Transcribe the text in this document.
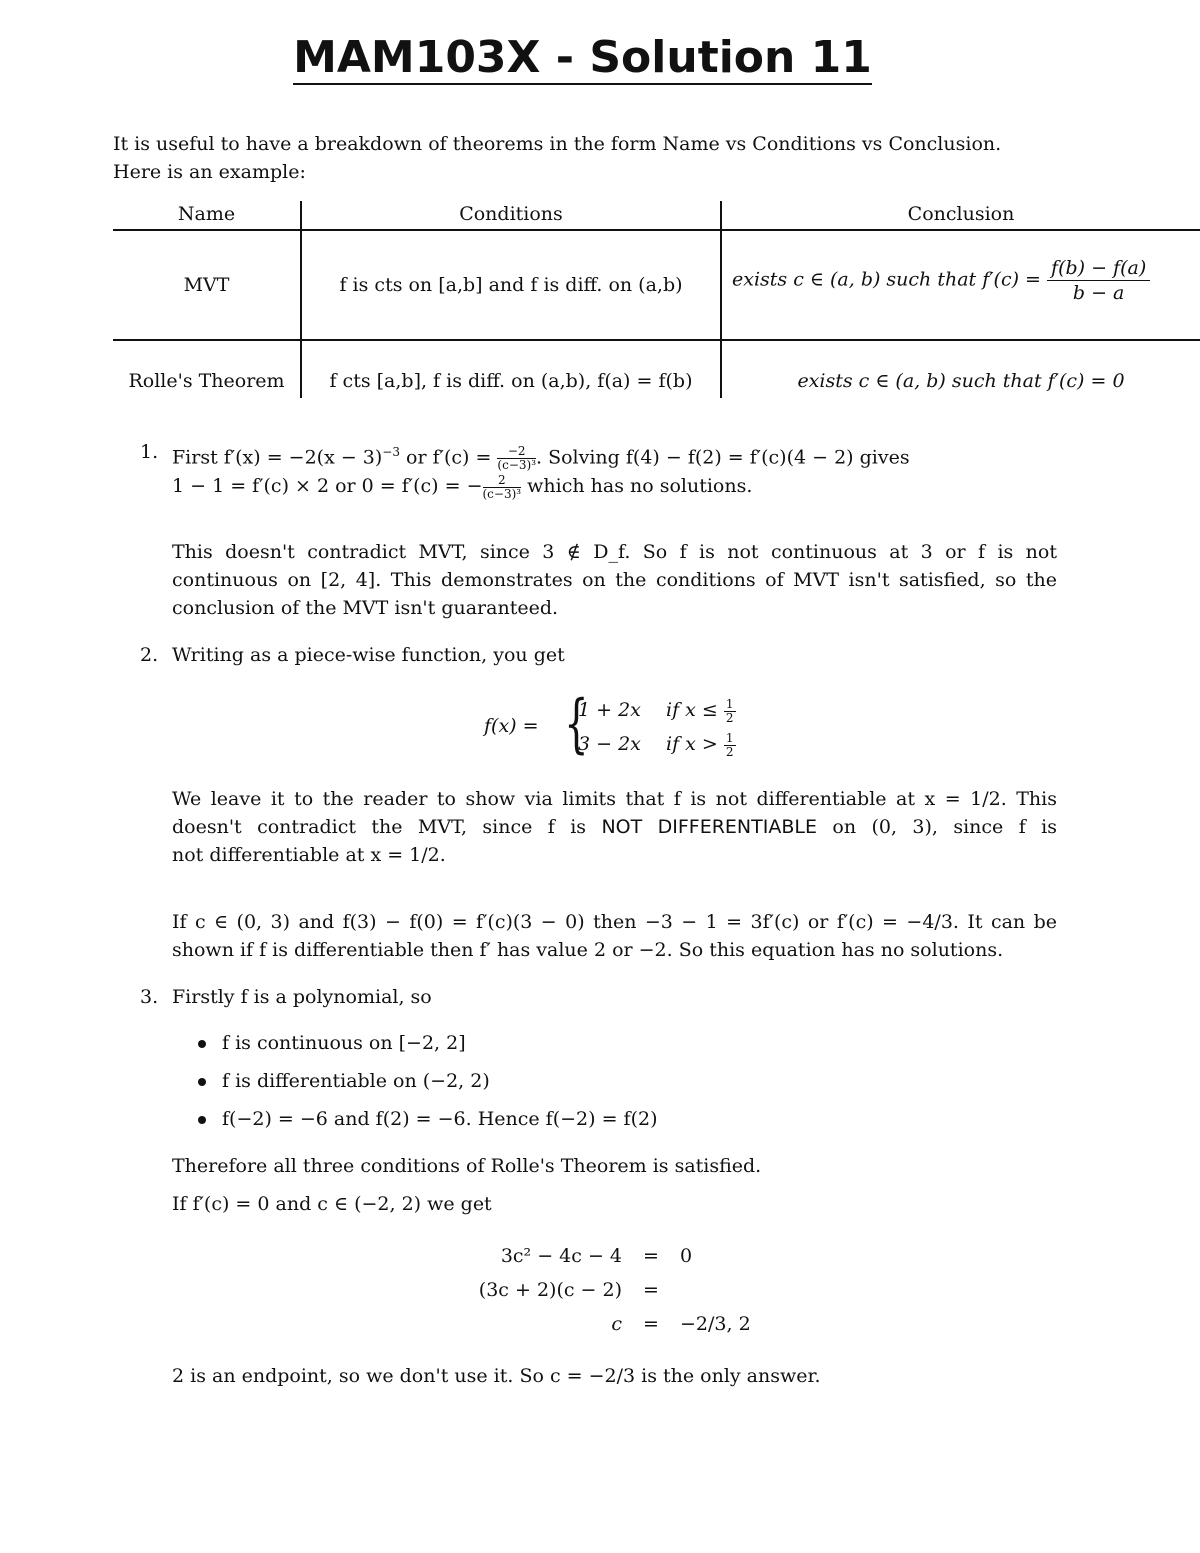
MAM103X - Solution 11
It is useful to have a breakdown of theorems in the form Name vs Conditions vs Conclusion.
Here is an example:
Name	Conditions	Conclusion
MVT	f is cts on [a,b] and f is diff. on (a,b)	exists c ∈ (a, b) such that $f'(c) = \frac{f(b) - f(a)}{b - a}$
Rolle's Theorem	f cts [a,b], f is diff. on (a,b), f(a) = f(b)	exists c ∈ (a, b) such that f′(c) = 0
1. First $f'(x) = -2(x - 3)^{-3}$ or $f'(c) = \frac{-2}{\text{(c−3)³}}$ . Solving f(4) − f(2) = f′(c)(4 − 2) gives
1 − 1 = f′(c) × 2 or 0 = f′(c) = − $\frac{2}{\text{(c−3)³}}$ which has no solutions.
This doesn't contradict MVT, since 3 ∉ D_f. So f is not continuous at 3 or f is not
continuous on [2, 4]. This demonstrates on the conditions of MVT isn't satisfied, so the
conclusion of the MVT isn't guaranteed.
2. Writing as a piece-wise function, you get
f(x) = {
1 + 2x if $x \le \frac{1}{2}$
3 − 2x if $x > \frac{1}{2}$
We leave it to the reader to show via limits that f is not differentiable at x = 1/2. This
doesn't contradict the MVT, since f is NOT DIFFERENTIABLE on (0, 3), since f is
not differentiable at x = 1/2.
If c ∈ (0, 3) and f(3) − f(0) = f′(c)(3 − 0) then −3 − 1 = 3f′(c) or f′(c) = −4/3. It can be
shown if f is differentiable then f′ has value 2 or −2. So this equation has no solutions.
3. Firstly f is a polynomial, so
f is continuous on [−2, 2]
f is differentiable on (−2, 2)
f(−2) = −6 and f(2) = −6. Hence f(−2) = f(2)
Therefore all three conditions of Rolle's Theorem is satisfied.
If f′(c) = 0 and c ∈ (−2, 2) we get
3c² − 4c − 4	=	0
(3c + 2)(c − 2)	=
c	=	−2/3, 2
2 is an endpoint, so we don't use it. So c = −2/3 is the only answer.
